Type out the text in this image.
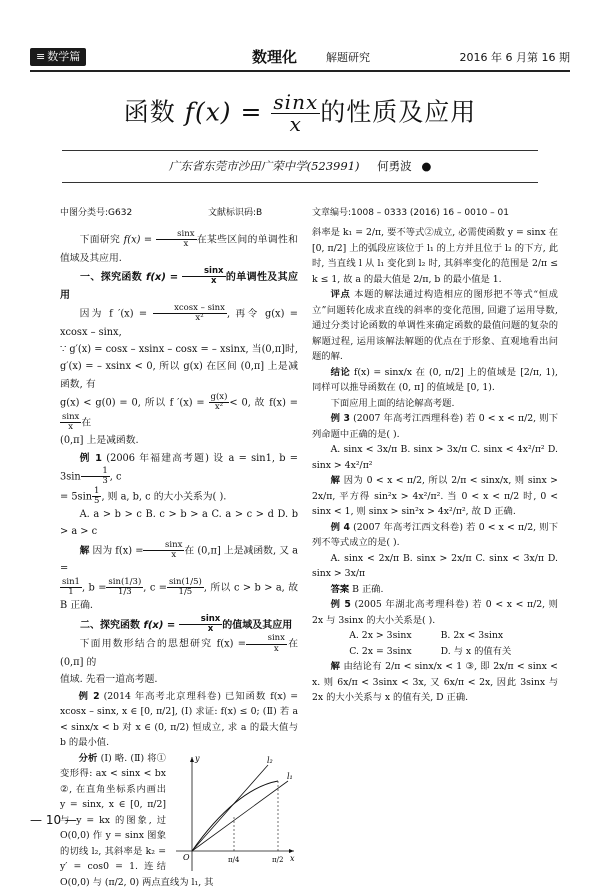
≡ 数学篇	数理化	解题研究	2016 年 6 月第 16 期
函数 $f(x) = \frac{\sin x}{x}$ 的性质及应用
广东省东莞市沙田广荣中学(523991) 何勇波 ●
中图分类号:G632	文献标识码:B	文章编号:1008 – 0333 (2016) 16 – 0010 – 01

下面研究 $f(x) = \frac{\sin x}{x}$ 在某些区间的单调性和值域及其应用.

一、探究函数 $f(x) = \frac{\sin x}{x}$ 的单调性及其应用

因为 f $'(x) = \frac{xcosx - \sin x}{\text{x²}}$ , 再令 g(x) = xcosx – sinx,

∵ g′(x) = cosx – xsinx – cosx = – xsinx, 当(0,π]时, g′(x) = – xsinx < 0, 所以 g(x) 在区间 (0,π] 上是减函数, 有

g(x) < g(0) = 0, 所以 f $'(x) = \frac{g(x)}{\text{x²}} < 0$, 故 f(x) =
$\frac{\sin x}{x}$ 在

(0,π] 上是减函数.

例 1 (2006 年福建高考题) 设 a = sin1, $b = 3\sin \frac{1}{3}$ , c

= $5\sin \frac{1}{5}$ , 则 a, b, c 的大小关系为( ).

A. a > b > c B. c > b > a C. a > c > d D. b > a > c

解 因为 $f(x) = \frac{\sin x}{x}$ 在 (0,π] 上是减函数, 又 a =

$\frac{\sin 1}{1}$ , $b = \frac{\sin(1/3)}{1/3}$ , $c = \frac{\sin(1/5)}{1/5}$ , 所以 c > b > a, 故 B 正确.

二、探究函数 $f(x) = \frac{\sin x}{x}$ 的值域及其应用

下面用数形结合的思想研究 $f(x) = \frac{\sin x}{x}$ 在 (0,π] 的

值域. 先看一道高考题.

例 2 (2014 年高考北京理科卷) 已知函数 f(x) = xcosx – sinx, x ∈ [0, π/2], (Ⅰ) 求证: f(x) ≤ 0; (Ⅱ) 若 a < sinx/x < b 对 x ∈ (0, π/2) 恒成立, 求 a 的最大值与 b 的最小值.

l₂
l₁
y
x
O	π/4	π/2
分析 (Ⅰ) 略. (Ⅱ) 将①变形得: ax < sinx < bx ②, 在直角坐标系内画出 y = sinx, x ∈ [0, π/2] 与 y = kx 的图象, 过 O(0,0) 作 y = sinx 图象的切线 l₂, 其斜率是 k₂ = y′ = cos0 = 1. 连结 O(0,0) 与 (π/2, 0) 两点直线为 l₁, 其

斜率是 k₁ = 2/π, 要不等式②成立, 必需使函数 y = sinx 在 [0, π/2] 上的弧段应该位于 l₁ 的上方并且位于 l₂ 的下方, 此时, 当直线 l 从 l₁ 变化到 l₂ 时, 其斜率变化的范围是 2/π ≤ k ≤ 1, 故 a 的最大值是 2/π, b 的最小值是 1.

评点 本题的解法通过构造相应的图形把不等式“恒成立”问题转化成求直线的斜率的变化范围, 回避了运用导数, 通过分类讨论函数的单调性来确定函数的最值问题的复杂的解题过程, 运用该解法解题的优点在于形象、直观地看出问题的解.

结论 f(x) = sinx/x 在 (0, π/2] 上的值域是 [2/π, 1), 同样可以推导函数在 (0, π] 的值域是 [0, 1).

下面应用上面的结论解高考题.

例 3 (2007 年高考江西理科卷) 若 0 < x < π/2, 则下列命题中正确的是( ).

A. sinx < 3x/π B. sinx > 3x/π C. sinx < 4x²/π² D. sinx > 4x²/π²

解 因为 0 < x < π/2, 所以 2/π < sinx/x, 则 sinx > 2x/π, 平方得 sin²x > 4x²/π². 当 0 < x < π/2 时, 0 < sinx < 1, 则 sinx > sin²x > 4x²/π², 故 D 正确.

例 4 (2007 年高考江西文科卷) 若 0 < x < π/2, 则下列不等式成立的是( ).

A. sinx < 2x/π B. sinx > 2x/π C. sinx < 3x/π D. sinx > 3x/π

答案 B 正确.

例 5 (2005 年湖北高考理科卷) 若 0 < x < π/2, 则 2x 与 3sinx 的大小关系是( ).

A. 2x > 3sinx	B. 2x < 3sinx

C. 2x = 3sinx	D. 与 x 的值有关

解 由结论有 2/π < sinx/x < 1 ③, 即 2x/π < sinx < x. 则 6x/π < 3sinx < 3x, 又 6x/π < 2x, 因此 3sinx 与 2x 的大小关系与 x 的值有关, D 正确.

— 10 —
